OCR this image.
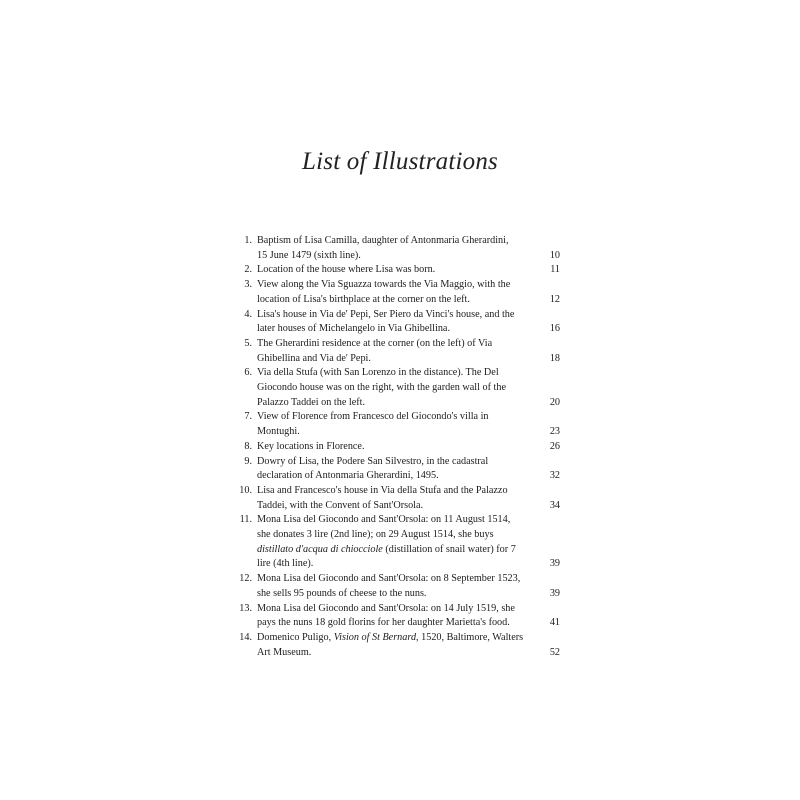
List of Illustrations
1. Baptism of Lisa Camilla, daughter of Antonmaria Gherardini,
15 June 1479 (sixth line).	10
2. Location of the house where Lisa was born.	11
3. View along the Via Sguazza towards the Via Maggio, with the
location of Lisa's birthplace at the corner on the left.	12
4. Lisa's house in Via de' Pepi, Ser Piero da Vinci's house, and the
later houses of Michelangelo in Via Ghibellina.	16
5. The Gherardini residence at the corner (on the left) of Via
Ghibellina and Via de' Pepi.	18
6. Via della Stufa (with San Lorenzo in the distance). The Del
Giocondo house was on the right, with the garden wall of the
Palazzo Taddei on the left.	20
7. View of Florence from Francesco del Giocondo's villa in
Montughi.	23
8. Key locations in Florence.	26
9. Dowry of Lisa, the Podere San Silvestro, in the cadastral
declaration of Antonmaria Gherardini, 1495.	32
10. Lisa and Francesco's house in Via della Stufa and the Palazzo
Taddei, with the Convent of Sant'Orsola.	34
11. Mona Lisa del Giocondo and Sant'Orsola: on 11 August 1514,
she donates 3 lire (2nd line); on 29 August 1514, she buys
distillato d'acqua di chiocciole (distillation of snail water) for 7
lire (4th line).	39
12. Mona Lisa del Giocondo and Sant'Orsola: on 8 September 1523,
she sells 95 pounds of cheese to the nuns.	39
13. Mona Lisa del Giocondo and Sant'Orsola: on 14 July 1519, she
pays the nuns 18 gold florins for her daughter Marietta's food.	41
14. Domenico Puligo, Vision of St Bernard, 1520, Baltimore, Walters
Art Museum.	52
